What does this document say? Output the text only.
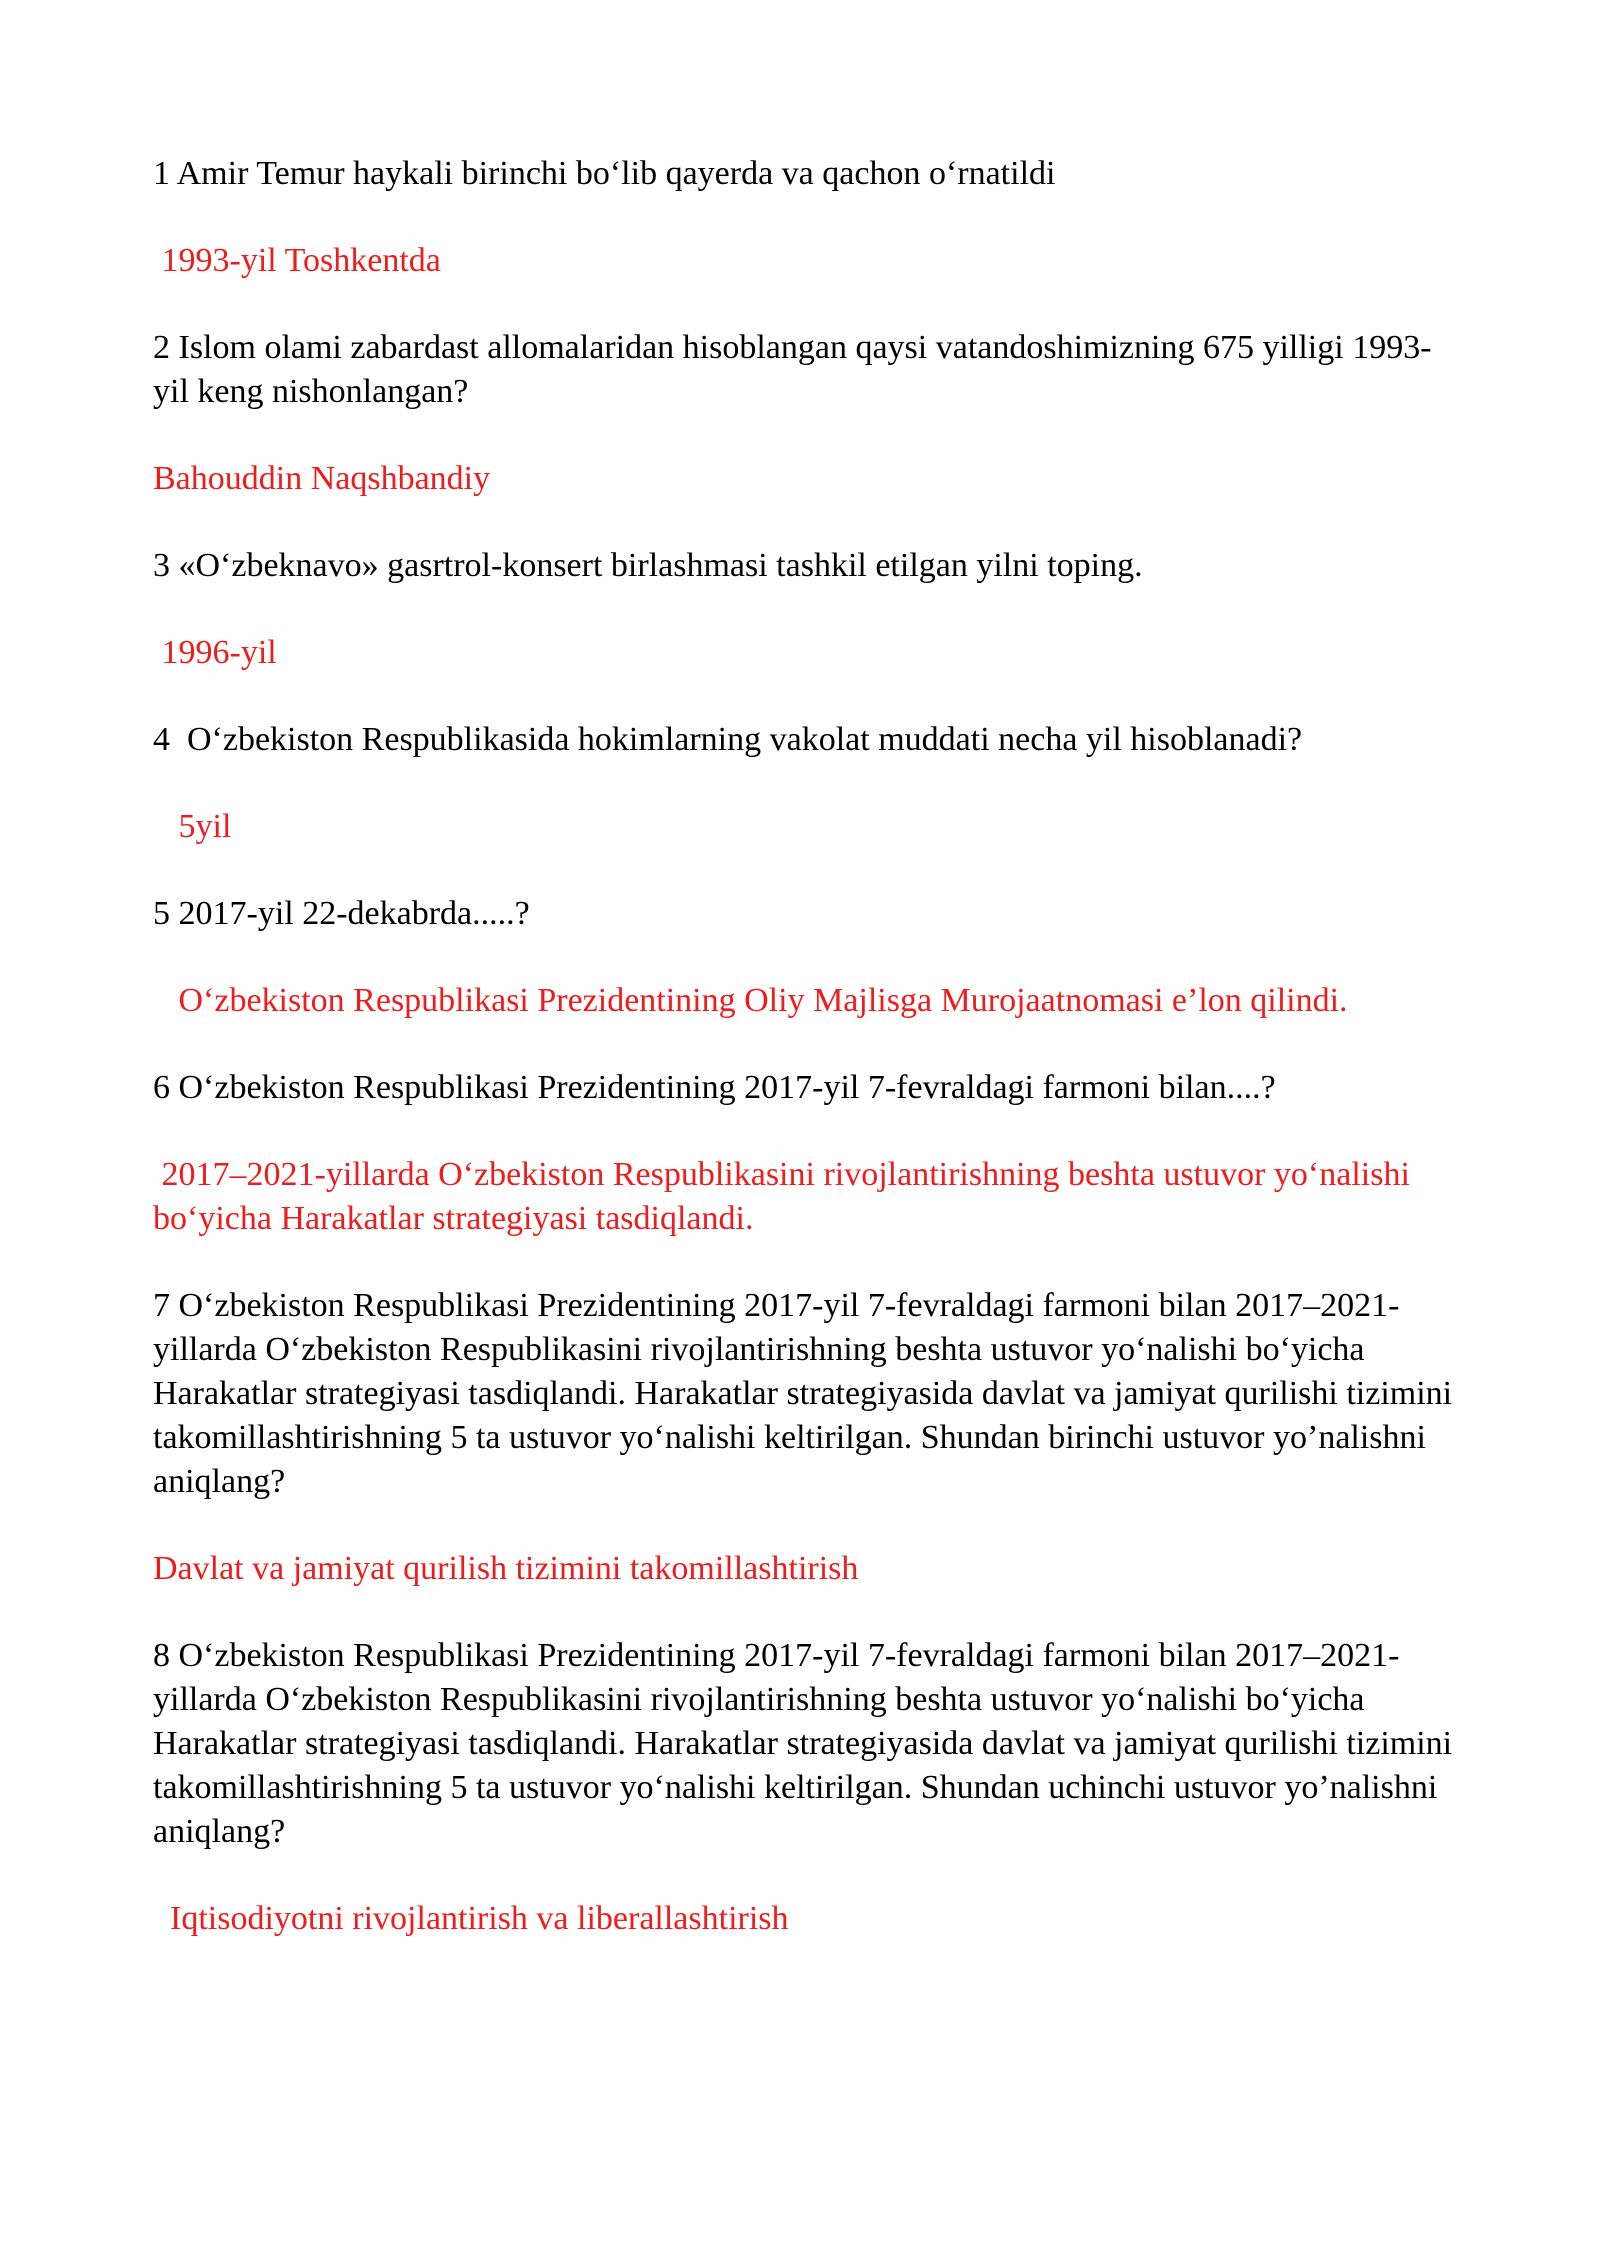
1 Amir Temur haykali birinchi boʻlib qayerda va qachon oʻrnatildi

1993-yil Toshkentda

2 Islom olami zabardast allomalaridan hisoblangan qaysi vatandoshimizning 675 yilligi 1993-yil keng nishonlangan?

Bahouddin Naqshbandiy

3 «Oʻzbeknavo» gasrtrol-konsert birlashmasi tashkil etilgan yilni toping.

1996-yil

4  Oʻzbekiston Respublikasida hokimlarning vakolat muddati necha yil hisoblanadi?

5yil

5 2017-yil 22-dekabrda.....?

Oʻzbekiston Respublikasi Prezidentining Oliy Majlisga Murojaatnomasi e’lon qilindi.

6 Oʻzbekiston Respublikasi Prezidentining 2017-yil 7-fevraldagi farmoni bilan....?

2017–2021-yillarda Oʻzbekiston Respublikasini rivojlantirishning beshta ustuvor yoʻnalishi boʻyicha Harakatlar strategiyasi tasdiqlandi.

7 Oʻzbekiston Respublikasi Prezidentining 2017-yil 7-fevraldagi farmoni bilan 2017–2021-yillarda Oʻzbekiston Respublikasini rivojlantirishning beshta ustuvor yoʻnalishi boʻyicha Harakatlar strategiyasi tasdiqlandi. Harakatlar strategiyasida davlat va jamiyat qurilishi tizimini takomillashtirishning 5 ta ustuvor yoʻnalishi keltirilgan. Shundan birinchi ustuvor yo’nalishni aniqlang?

Davlat va jamiyat qurilish tizimini takomillashtirish

8 Oʻzbekiston Respublikasi Prezidentining 2017-yil 7-fevraldagi farmoni bilan 2017–2021-yillarda Oʻzbekiston Respublikasini rivojlantirishning beshta ustuvor yoʻnalishi boʻyicha Harakatlar strategiyasi tasdiqlandi. Harakatlar strategiyasida davlat va jamiyat qurilishi tizimini takomillashtirishning 5 ta ustuvor yoʻnalishi keltirilgan. Shundan uchinchi ustuvor yo’nalishni aniqlang?

Iqtisodiyotni rivojlantirish va liberallashtirish
